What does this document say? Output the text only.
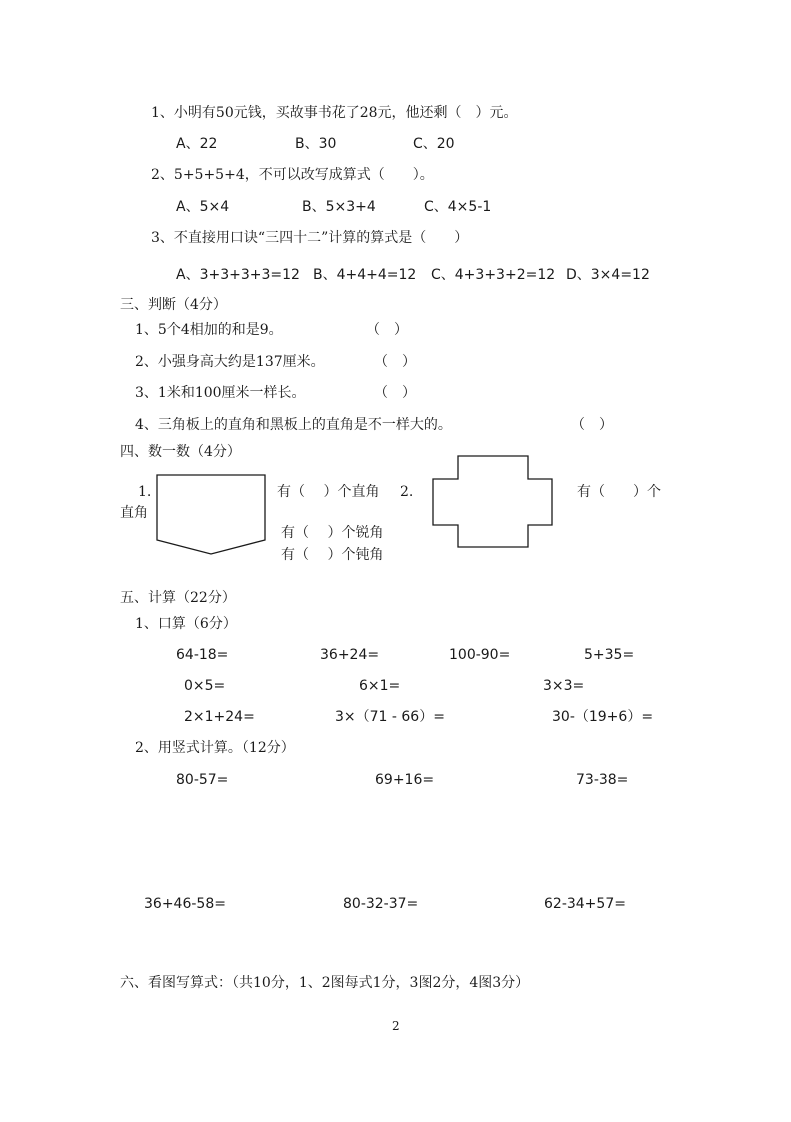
1、小明有50元钱，买故事书花了28元，他还剩（　）元。
A、22	B、30	C、20
2、5+5+5+4，不可以改写成算式（　　）。
A、5×4	B、5×3+4	C、4×5-1
3、不直接用口诀“三四十二”计算的算式是（　　）
A、3+3+3+3=12 B、4+4+4=12 C、4+3+3+2=12 D、3×4=12
三、判断（4分）
1、5个4相加的和是9。	（　）
2、小强身高大约是137厘米。	（　）
3、1米和100厘米一样长。	（　）
4、三角板上的直角和黑板上的直角是不一样大的。	（　）
四、数一数（4分）
1.
直角
有（　 ）个直角 2.
有（　 ）个锐角
有（　 ）个钝角
有（　　）个
五、计算（22分）
1、口算（6分）
64-18=	36+24=	100-90=	5+35=
0×5=	6×1=	3×3=
2×1+24=	3×（71 - 66）=	30-（19+6）=
2、用竖式计算。（12分）
80-57=	69+16=	73-38=
36+46-58=	80-32-37=	62-34+57=
六、看图写算式：（共10分，1、2图每式1分，3图2分，4图3分）
2
